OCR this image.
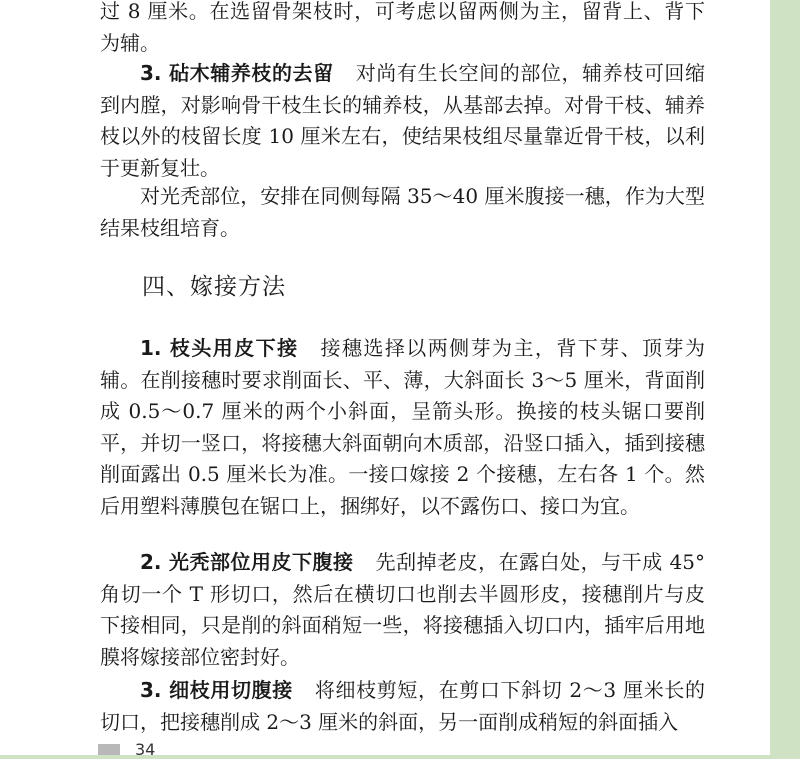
过 8 厘米。在选留骨架枝时，可考虑以留两侧为主，留背上、背下为辅。

3. 砧木辅养枝的去留 对尚有生长空间的部位，辅养枝可回缩到内膛，对影响骨干枝生长的辅养枝，从基部去掉。对骨干枝、辅养枝以外的枝留长度 10 厘米左右，使结果枝组尽量靠近骨干枝，以利于更新复壮。

对光秃部位，安排在同侧每隔 35～40 厘米腹接一穗，作为大型结果枝组培育。

四、嫁接方法

1. 枝头用皮下接 接穗选择以两侧芽为主，背下芽、顶芽为辅。在削接穗时要求削面长、平、薄，大斜面长 3～5 厘米，背面削成 0.5～0.7 厘米的两个小斜面，呈箭头形。换接的枝头锯口要削平，并切一竖口，将接穗大斜面朝向木质部，沿竖口插入，插到接穗削面露出 0.5 厘米长为准。一接口嫁接 2 个接穗，左右各 1 个。然后用塑料薄膜包在锯口上，捆绑好，以不露伤口、接口为宜。

2. 光秃部位用皮下腹接 先刮掉老皮，在露白处，与干成 45°角切一个 T 形切口，然后在横切口也削去半圆形皮，接穗削片与皮下接相同，只是削的斜面稍短一些，将接穗插入切口内，插牢后用地膜将嫁接部位密封好。

3. 细枝用切腹接 将细枝剪短，在剪口下斜切 2～3 厘米长的切口，把接穗削成 2～3 厘米的斜面，另一面削成稍短的斜面插入

34
